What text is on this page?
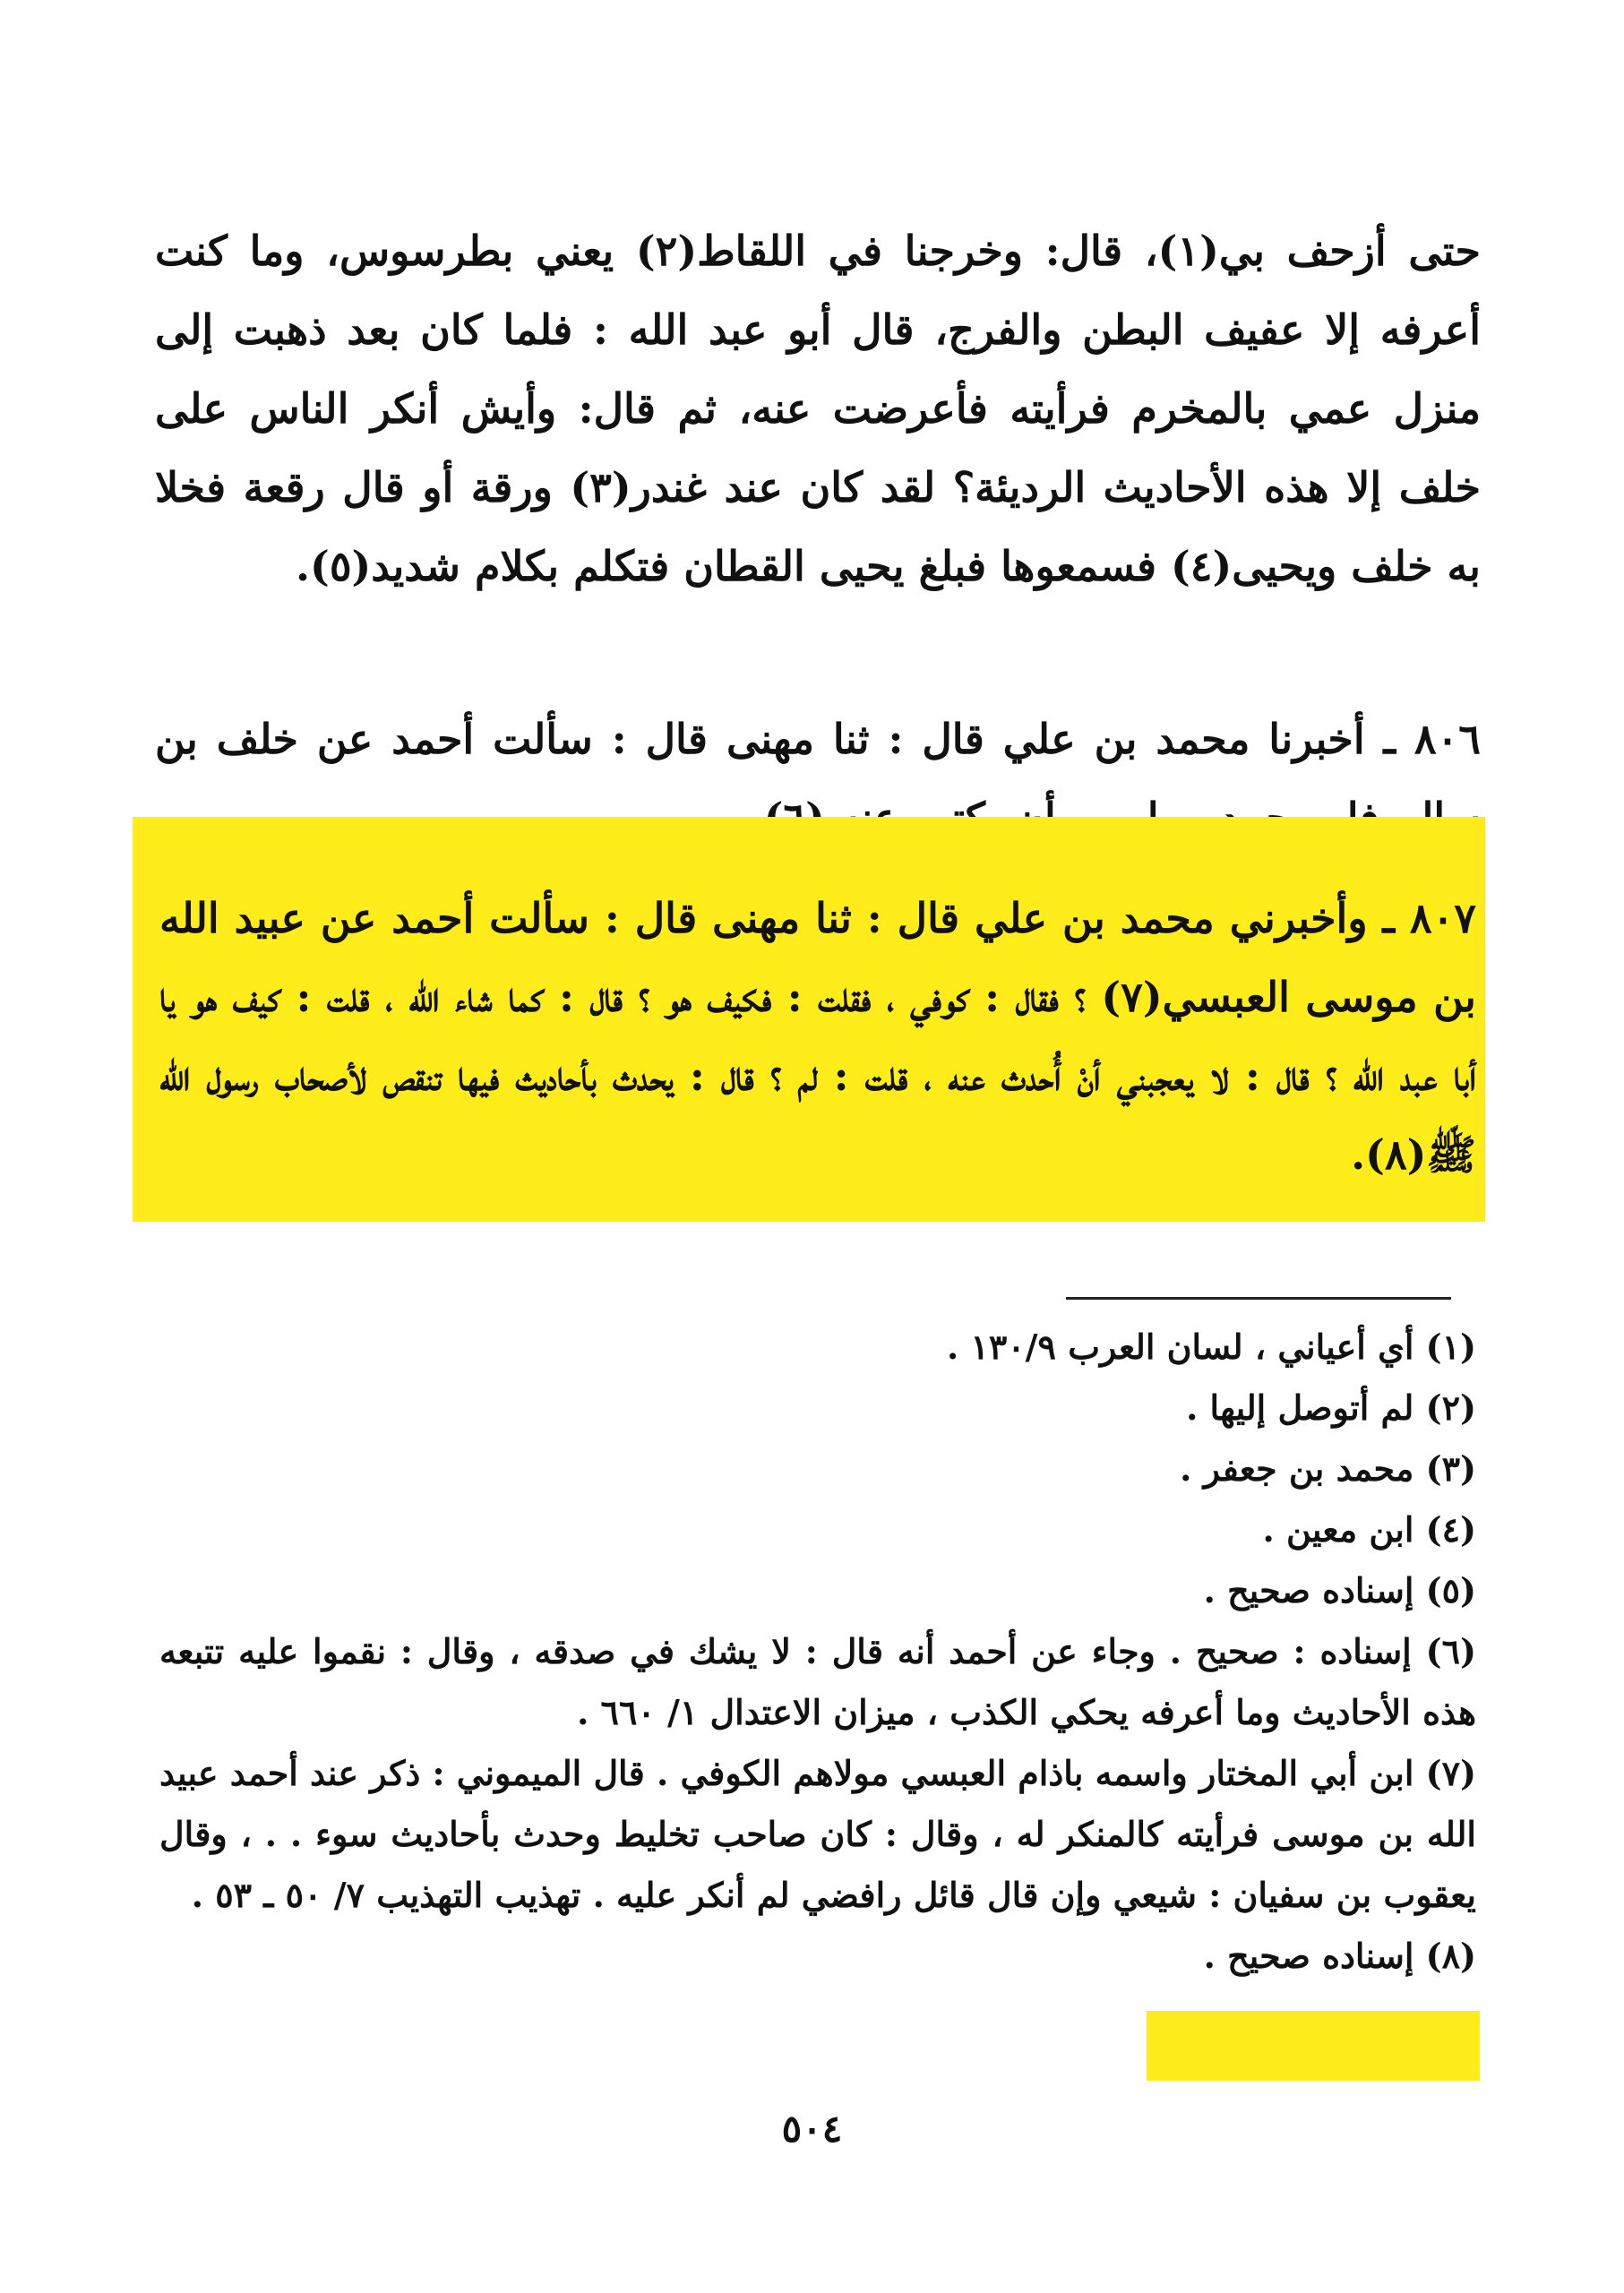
حتى أزحف بي(١)، قال: وخرجنا في اللقاط(٢) يعني بطرسوس، وما كنت أعرفه إلا عفيف البطن والفرج، قال أبو عبد الله : فلما كان بعد ذهبت إلى منزل عمي بالمخرم فرأيته فأعرضت عنه، ثم قال: وأيش أنكر الناس على خلف إلا هذه الأحاديث الرديئة؟ لقد كان عند غندر(٣) ورقة أو قال رقعة فخلا به خلف ويحيى(٤) فسمعوها فبلغ يحيى القطان فتكلم بكلام شديد(٥).

٨٠٦ ـ أخبرنا محمد بن علي قال : ثنا مهنى قال : سألت أحمد عن خلف بن

٨٠٧ ـ وأخبرني محمد بن علي قال : ثنا مهنى قال : سألت أحمد عن عبيد الله بن موسى العبسي(٧) ؟ فقال : كوفي ، فقلت : فكيف هو ؟ قال : كما شاء الله ، قلت : كيف هو يا أبا عبد الله ؟ قال : لا يعجبني أنْ أُحدث عنه ، قلت : لم ؟ قال : يحدث بأحاديث فيها تنقص لأصحاب رسول الله ﷺ(٨).

(١) أي أعياني ، لسان العرب ١٣٠/٩ .

(٢) لم أتوصل إليها .

(٣) محمد بن جعفر .

(٤) ابن معين .

(٥) إسناده صحيح .

(٦) إسناده : صحيح . وجاء عن أحمد أنه قال : لا يشك في صدقه ، وقال : نقموا عليه تتبعه هذه الأحاديث وما أعرفه يحكي الكذب ، ميزان الاعتدال ١/ ٦٦٠ .

(٧) ابن أبي المختار واسمه باذام العبسي مولاهم الكوفي . قال الميموني : ذكر عند أحمد عبيد الله بن موسى فرأيته كالمنكر له ، وقال : كان صاحب تخليط وحدث بأحاديث سوء . . ، وقال يعقوب بن سفيان : شيعي وإن قال قائل رافضي لم أنكر عليه . تهذيب التهذيب ٧/ ٥٠ ـ ٥٣ .

(٨) إسناده صحيح .

٥٠٤
